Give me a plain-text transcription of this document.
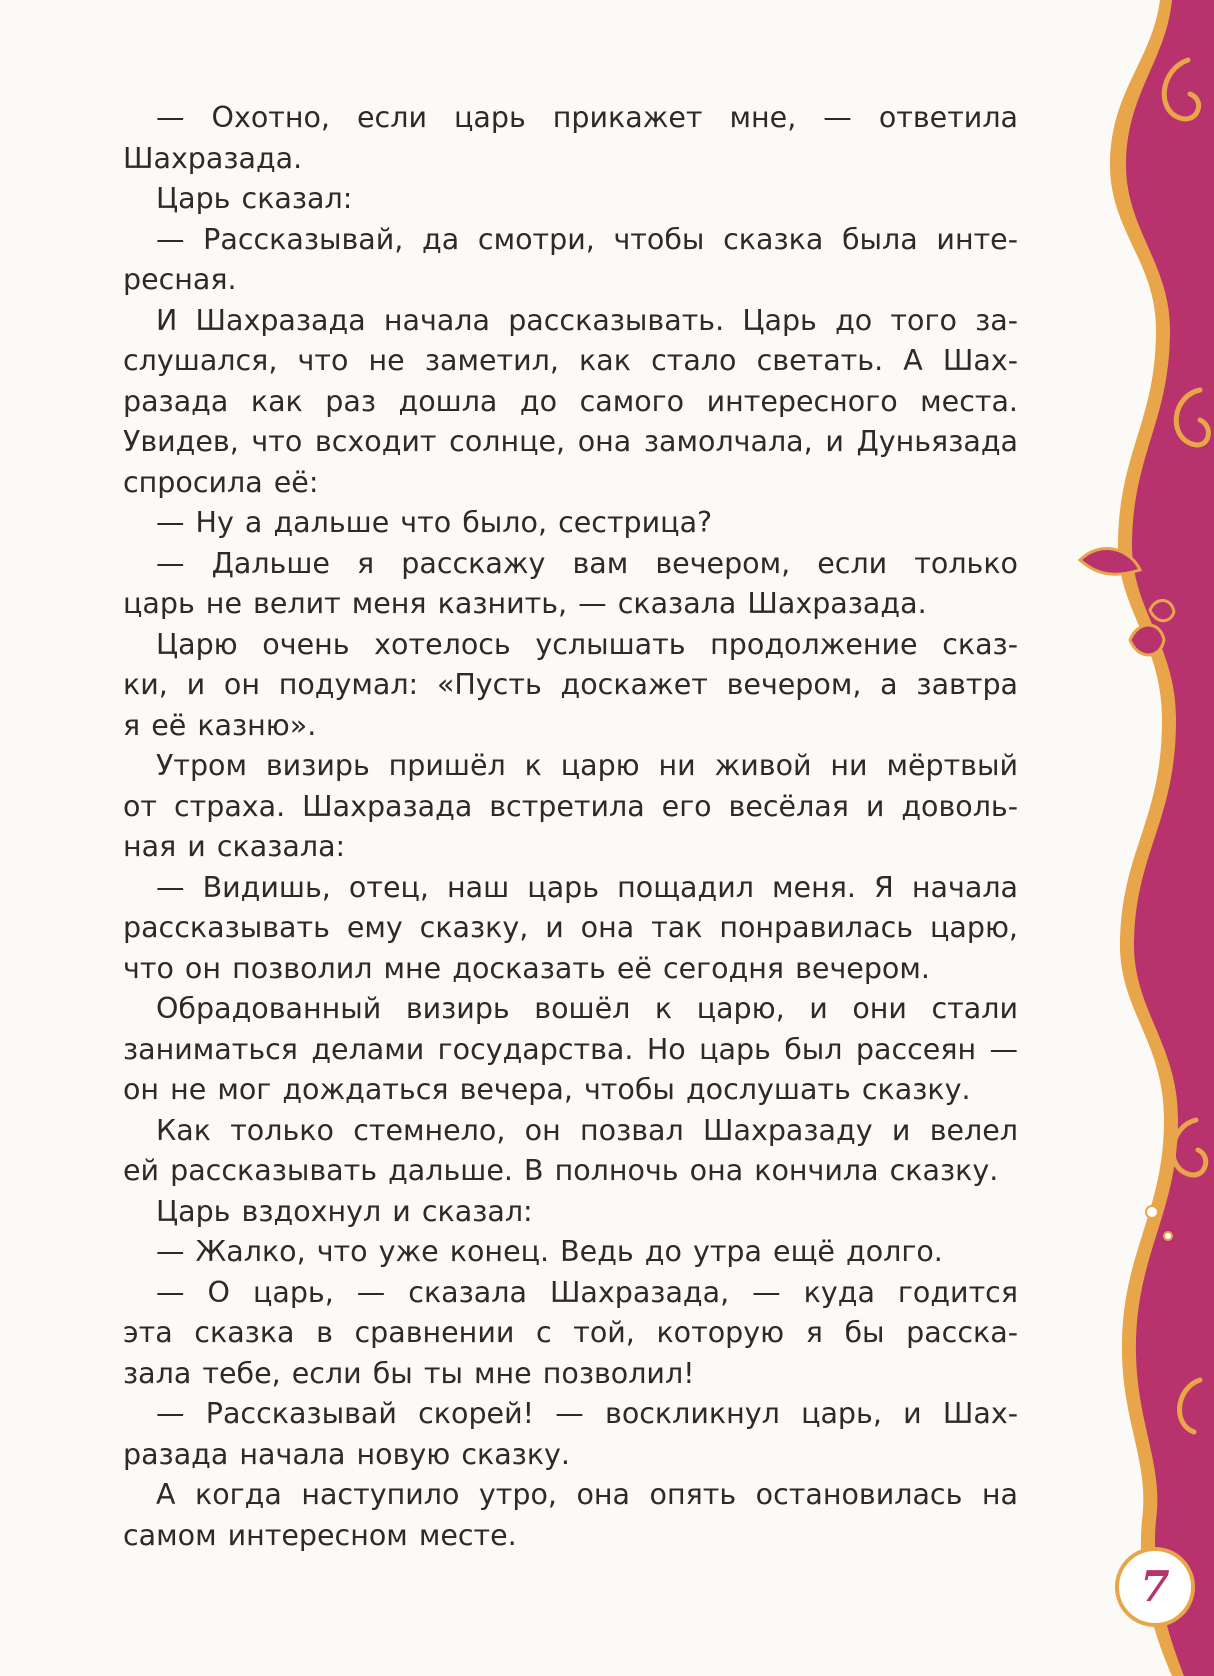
— Охотно, если царь прикажет мне, — ответила
Шахразада.
Царь сказал:
— Рассказывай, да смотри, чтобы сказка была инте-
ресная.
И Шахразада начала рассказывать. Царь до того за-
слушался, что не заметил, как стало светать. А Шах-
разада как раз дошла до самого интересного места.
Увидев, что всходит солнце, она замолчала, и Дуньязада
спросила её:
— Ну а дальше что было, сестрица?
— Дальше я расскажу вам вечером, если только
царь не велит меня казнить, — сказала Шахразада.
Царю очень хотелось услышать продолжение сказ-
ки, и он подумал: «Пусть доскажет вечером, а завтра
я её казню».
Утром визирь пришёл к царю ни живой ни мёртвый
от страха. Шахразада встретила его весёлая и доволь-
ная и сказала:
— Видишь, отец, наш царь пощадил меня. Я начала
рассказывать ему сказку, и она так понравилась царю,
что он позволил мне досказать её сегодня вечером.
Обрадованный визирь вошёл к царю, и они стали
заниматься делами государства. Но царь был рассеян —
он не мог дождаться вечера, чтобы дослушать сказку.
Как только стемнело, он позвал Шахразаду и велел
ей рассказывать дальше. В полночь она кончила сказку.
Царь вздохнул и сказал:
— Жалко, что уже конец. Ведь до утра ещё долго.
— О царь, — сказала Шахразада, — куда годится
эта сказка в сравнении с той, которую я бы расска-
зала тебе, если бы ты мне позволил!
— Рассказывай скорей! — воскликнул царь, и Шах-
разада начала новую сказку.
А когда наступило утро, она опять остановилась на
самом интересном месте.
7
